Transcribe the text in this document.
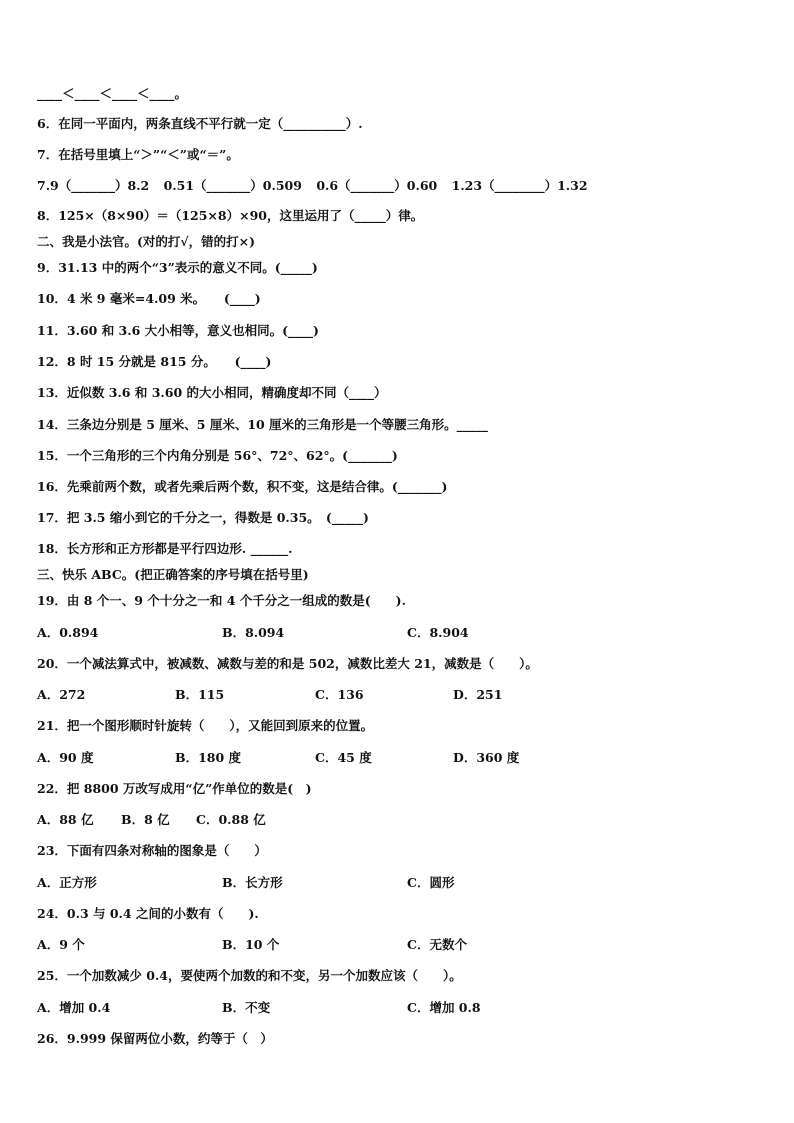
____＜____＜____＜____。
6．在同一平面内，两条直线不平行就一定（__________）.
7．在括号里填上“＞”“＜”或“＝”。
7.9（_______）8.2 0.51（_______）0.509 0.6（_______）0.60 1.23（________）1.32
8．125×（8×90）＝（125×8）×90，这里运用了（_____）律。
二、我是小法官。(对的打√，错的打×)
9．31.13 中的两个“3”表示的意义不同。(_____)
10．4 米 9 毫米=4.09 米。　　(____)
11．3.60 和 3.6 大小相等，意义也相同。(____)
12．8 时 15 分就是 815 分。　　(____)
13．近似数 3.6 和 3.60 的大小相同，精确度却不同（____）
14．三条边分别是 5 厘米、5 厘米、10 厘米的三角形是一个等腰三角形。_____
15．一个三角形的三个内角分别是 56°、72°、62°。(_______)
16．先乘前两个数，或者先乘后两个数，积不变，这是结合律。(_______)
17．把 3.5 缩小到它的千分之一，得数是 0.35。　(_____)
18．长方形和正方形都是平行四边形. ______.
三、快乐 ABC。(把正确答案的序号填在括号里)
19．由 8 个一、9 个十分之一和 4 个千分之一组成的数是(　　).
A．0.894	B．8.094	C．8.904
20．一个减法算式中，被减数、减数与差的和是 502，减数比差大 21，减数是（　　）。
A．272	B．115	C．136	D．251
21．把一个图形顺时针旋转（　　），又能回到原来的位置。
A．90 度	B．180 度	C．45 度	D．360 度
22．把 8800 万改写成用“亿”作单位的数是(　)
A．88 亿 B．8 亿 C．0.88 亿
23．下面有四条对称轴的图象是（　　）
A．正方形	B．长方形	C．圆形
24．0.3 与 0.4 之间的小数有（　　).
A．9 个	B．10 个	C．无数个
25．一个加数减少 0.4，要使两个加数的和不变，另一个加数应该（　　）。
A．增加 0.4	B．不变	C．增加 0.8
26．9.999 保留两位小数，约等于（　）
